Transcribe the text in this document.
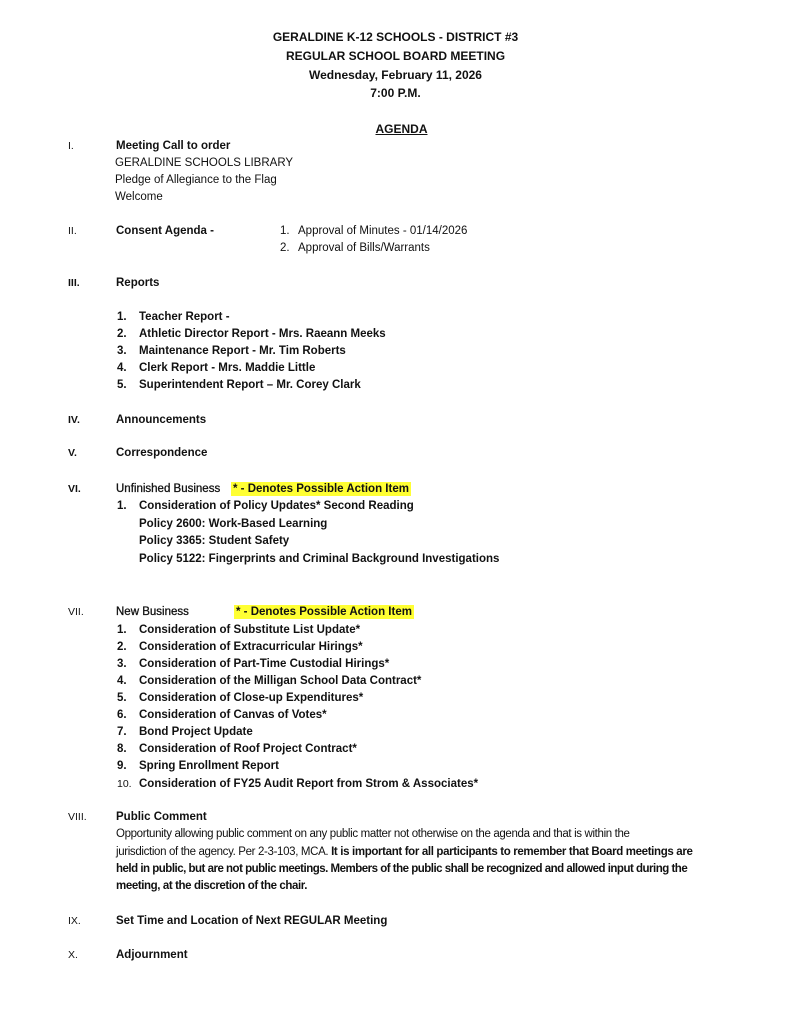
GERALDINE K-12 SCHOOLS - DISTRICT #3
REGULAR SCHOOL BOARD MEETING
Wednesday, February 11, 2026
7:00 P.M.
AGENDA
I.	Meeting Call to order
GERALDINE SCHOOLS LIBRARY
Pledge of Allegiance to the Flag
Welcome
II.	Consent Agenda -	1. Approval of Minutes - 01/14/2026
2. Approval of Bills/Warrants
III.	Reports
1. Teacher Report -
2. Athletic Director Report - Mrs. Raeann Meeks
3. Maintenance Report - Mr. Tim Roberts
4. Clerk Report - Mrs. Maddie Little
5. Superintendent Report – Mr. Corey Clark
IV.	Announcements
V.	Correspondence
VI.	Unfinished Business * - Denotes Possible Action Item
1. Consideration of Policy Updates* Second Reading
Policy 2600: Work-Based Learning
Policy 3365: Student Safety
Policy 5122: Fingerprints and Criminal Background Investigations
VII.	New Business	* - Denotes Possible Action Item
1. Consideration of Substitute List Update*
2. Consideration of Extracurricular Hirings*
3. Consideration of Part-Time Custodial Hirings*
4. Consideration of the Milligan School Data Contract*
5. Consideration of Close-up Expenditures*
6. Consideration of Canvas of Votes*
7. Bond Project Update
8. Consideration of Roof Project Contract*
9. Spring Enrollment Report
10. Consideration of FY25 Audit Report from Strom & Associates*
VIII.	Public Comment
Opportunity allowing public comment on any public matter not otherwise on the agenda and that is within the
jurisdiction of the agency. Per 2-3-103, MCA. It is important for all participants to remember that Board meetings are
held in public, but are not public meetings. Members of the public shall be recognized and allowed input during the
meeting, at the discretion of the chair.
IX.	Set Time and Location of Next REGULAR Meeting
X.	Adjournment
